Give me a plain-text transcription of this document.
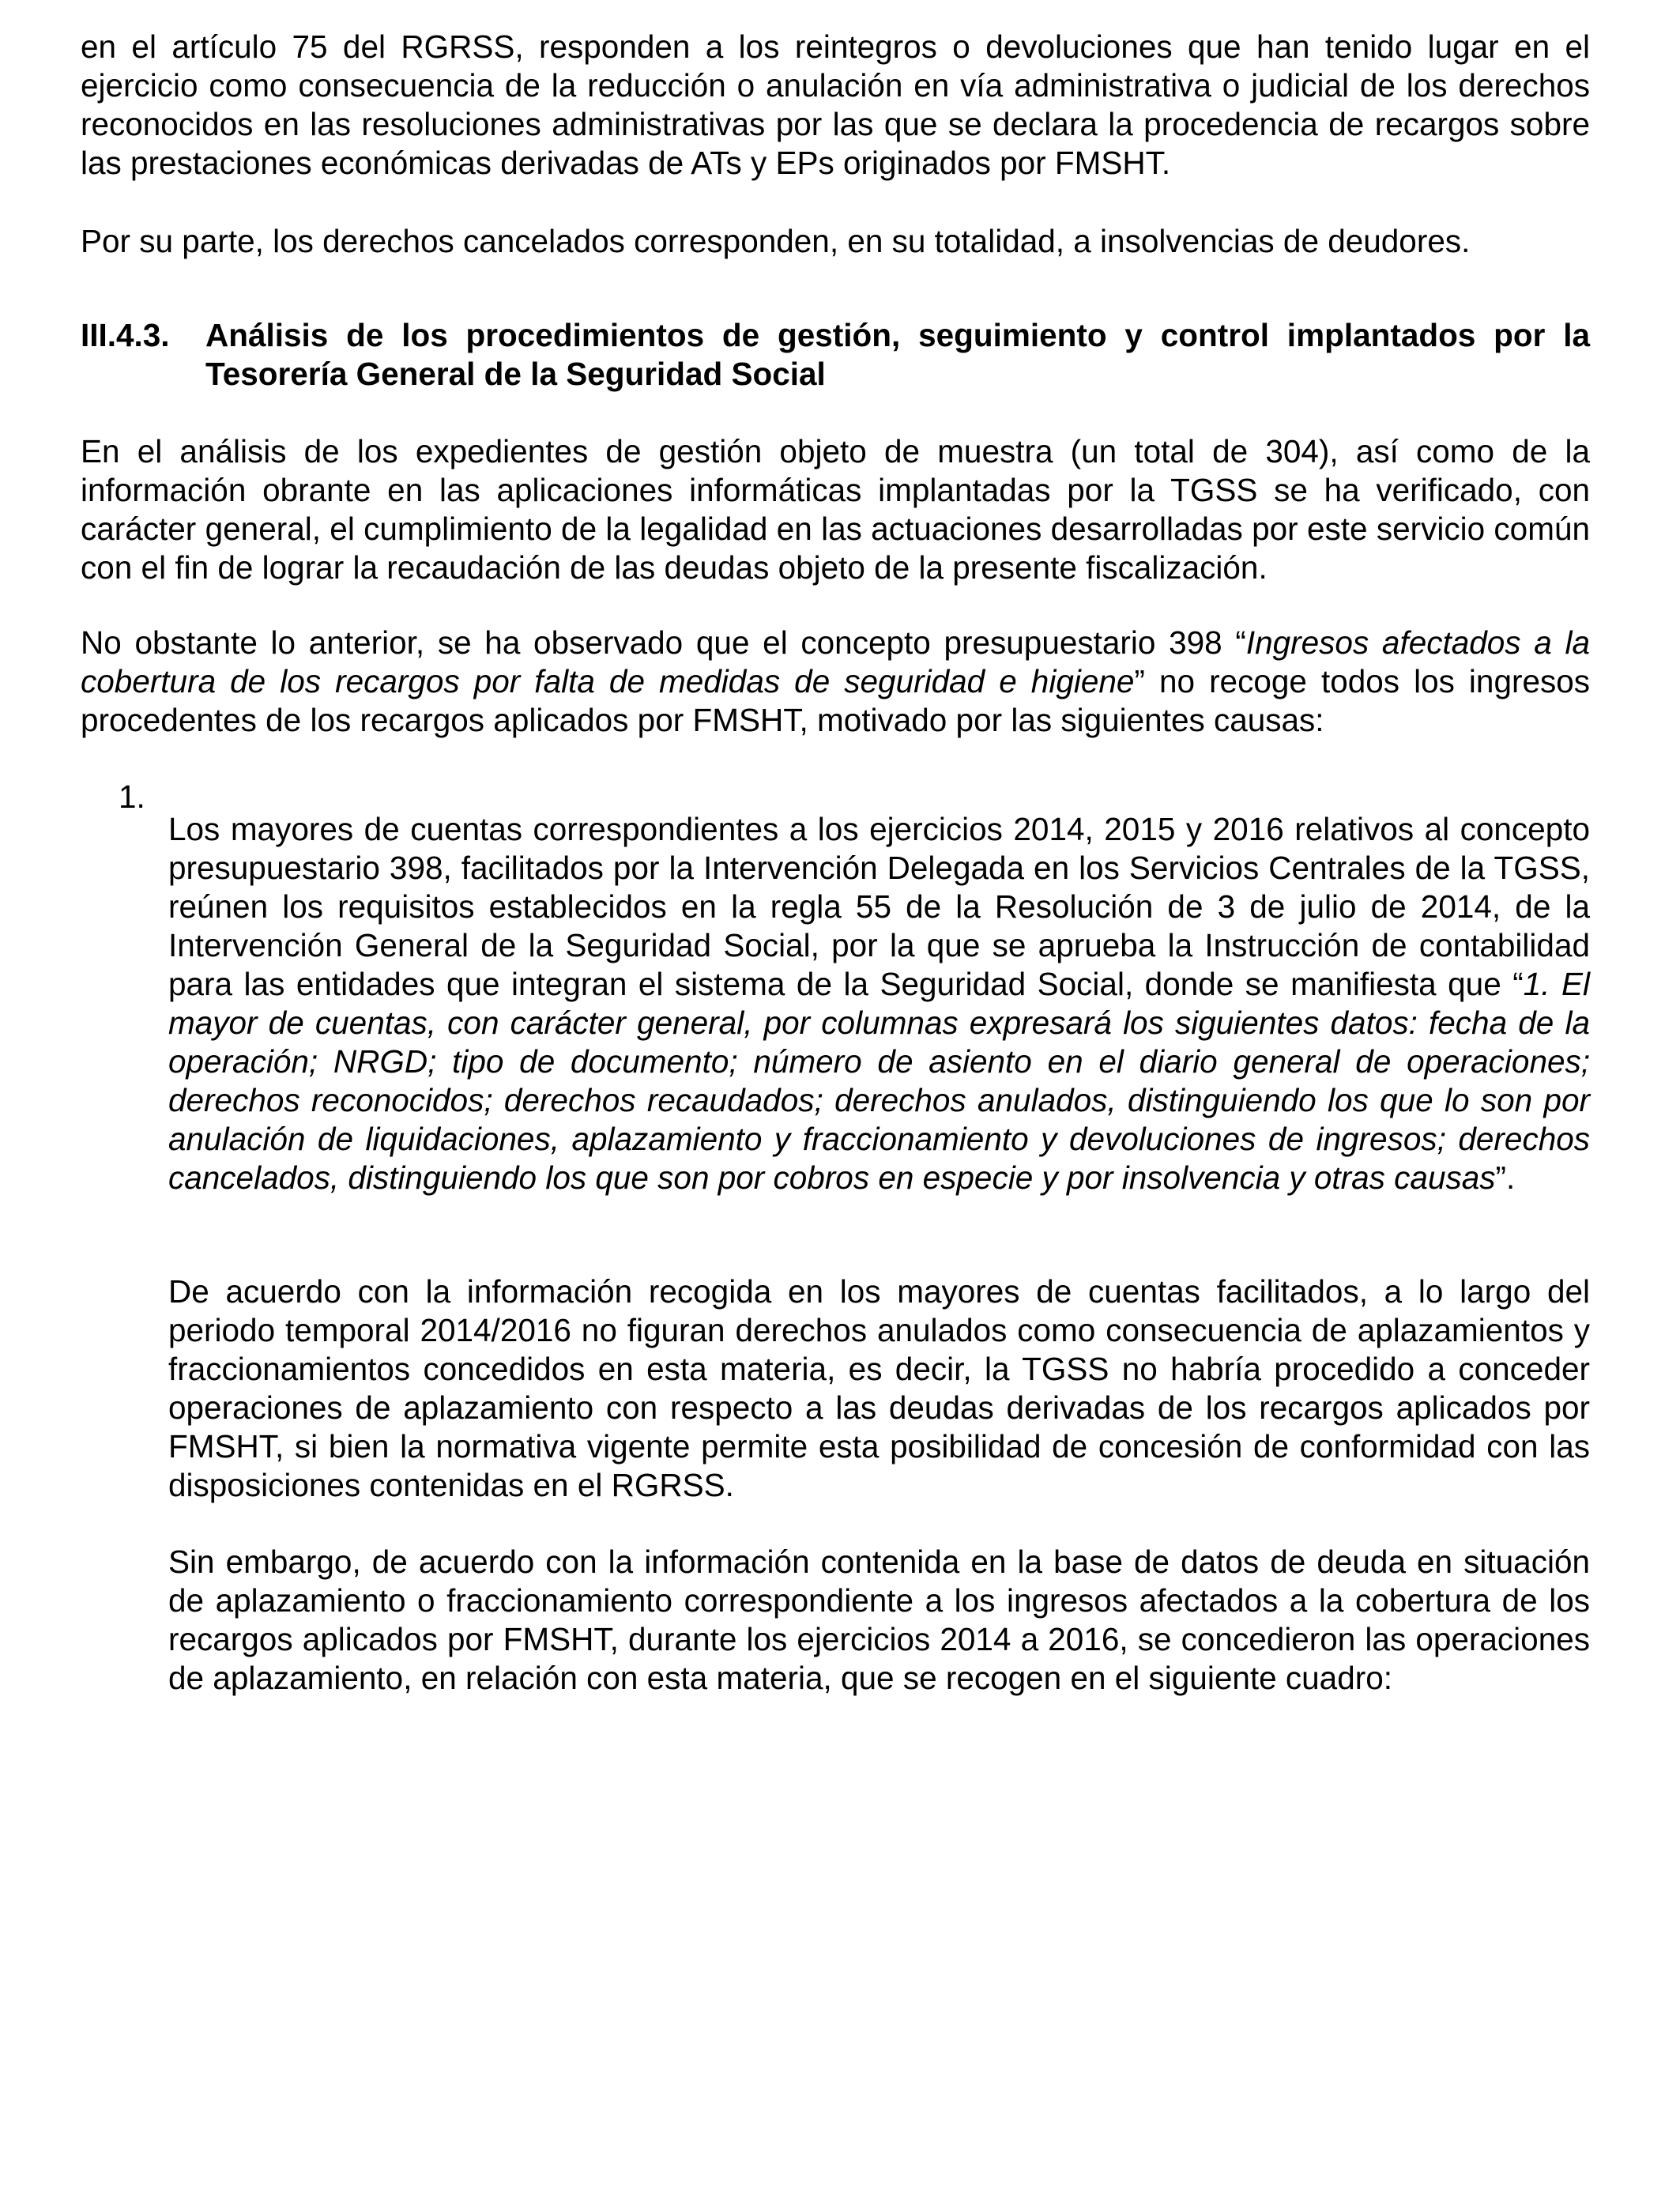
en el artículo 75 del RGRSS, responden a los reintegros o devoluciones que han tenido lugar en el ejercicio como consecuencia de la reducción o anulación en vía administrativa o judicial de los derechos reconocidos en las resoluciones administrativas por las que se declara la procedencia de recargos sobre las prestaciones económicas derivadas de ATs y EPs originados por FMSHT.

Por su parte, los derechos cancelados corresponden, en su totalidad, a insolvencias de deudores.

III.4.3. Análisis de los procedimientos de gestión, seguimiento y control implantados por la Tesorería General de la Seguridad Social

En el análisis de los expedientes de gestión objeto de muestra (un total de 304), así como de la información obrante en las aplicaciones informáticas implantadas por la TGSS se ha verificado, con carácter general, el cumplimiento de la legalidad en las actuaciones desarrolladas por este servicio común con el fin de lograr la recaudación de las deudas objeto de la presente fiscalización.

No obstante lo anterior, se ha observado que el concepto presupuestario 398 “Ingresos afectados a la cobertura de los recargos por falta de medidas de seguridad e higiene” no recoge todos los ingresos procedentes de los recargos aplicados por FMSHT, motivado por las siguientes causas:

1.

Los mayores de cuentas correspondientes a los ejercicios 2014, 2015 y 2016 relativos al concepto presupuestario 398, facilitados por la Intervención Delegada en los Servicios Centrales de la TGSS, reúnen los requisitos establecidos en la regla 55 de la Resolución de 3 de julio de 2014, de la Intervención General de la Seguridad Social, por la que se aprueba la Instrucción de contabilidad para las entidades que integran el sistema de la Seguridad Social, donde se manifiesta que “1. El mayor de cuentas, con carácter general, por columnas expresará los siguientes datos: fecha de la operación; NRGD; tipo de documento; número de asiento en el diario general de operaciones; derechos reconocidos; derechos recaudados; derechos anulados, distinguiendo los que lo son por anulación de liquidaciones, aplazamiento y fraccionamiento y devoluciones de ingresos; derechos cancelados, distinguiendo los que son por cobros en especie y por insolvencia y otras causas”.

De acuerdo con la información recogida en los mayores de cuentas facilitados, a lo largo del periodo temporal 2014/2016 no figuran derechos anulados como consecuencia de aplazamientos y fraccionamientos concedidos en esta materia, es decir, la TGSS no habría procedido a conceder operaciones de aplazamiento con respecto a las deudas derivadas de los recargos aplicados por FMSHT, si bien la normativa vigente permite esta posibilidad de concesión de conformidad con las disposiciones contenidas en el RGRSS.

Sin embargo, de acuerdo con la información contenida en la base de datos de deuda en situación de aplazamiento o fraccionamiento correspondiente a los ingresos afectados a la cobertura de los recargos aplicados por FMSHT, durante los ejercicios 2014 a 2016, se concedieron las operaciones de aplazamiento, en relación con esta materia, que se recogen en el siguiente cuadro:
